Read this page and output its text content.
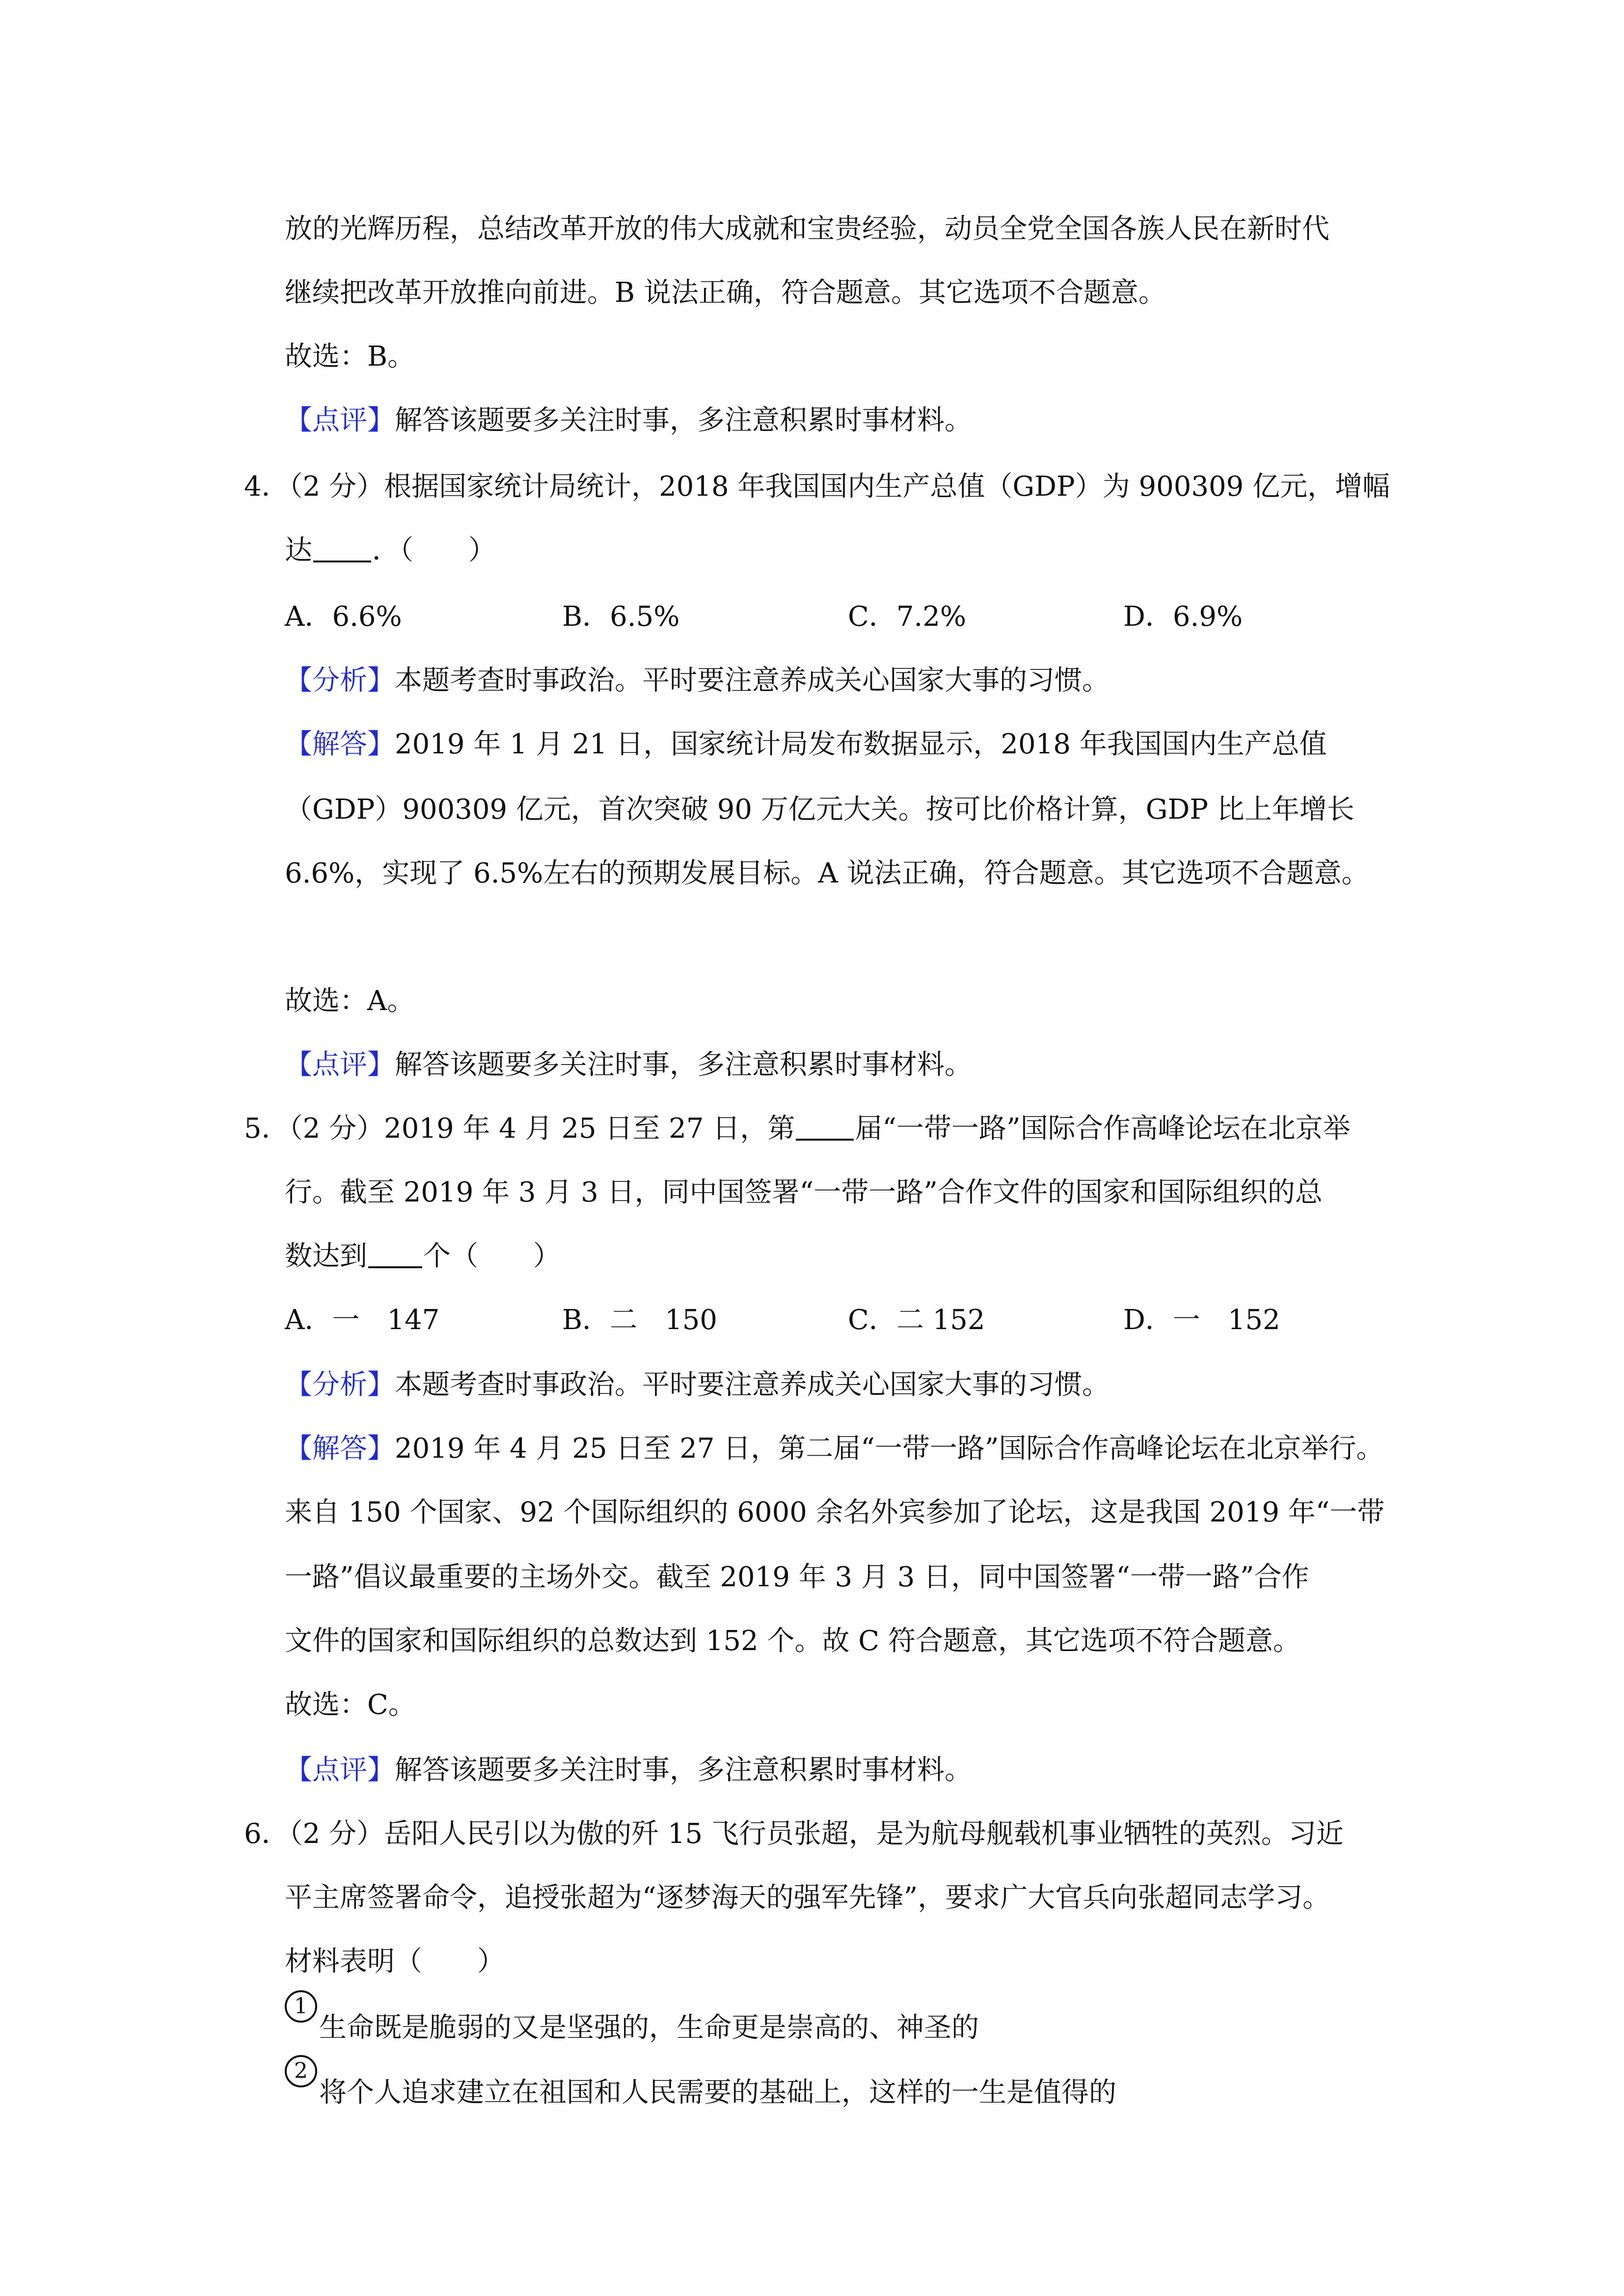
放的光辉历程，总结改革开放的伟大成就和宝贵经验，动员全党全国各族人民在新时代
继续把改革开放推向前进。B 说法正确，符合题意。其它选项不合题意。
故选：B。
【点评】解答该题要多关注时事，多注意积累时事材料。
4．（2 分）根据国家统计局统计，2018 年我国国内生产总值（GDP）为 900309 亿元，增幅
达 ．（　　）
A．6.6%	B．6.5%	C．7.2%	D．6.9%
【分析】本题考查时事政治。平时要注意养成关心国家大事的习惯。
【解答】2019 年 1 月 21 日，国家统计局发布数据显示，2018 年我国国内生产总值
（GDP）900309 亿元，首次突破 90 万亿元大关。按可比价格计算，GDP 比上年增长
6.6%，实现了 6.5%左右的预期发展目标。A 说法正确，符合题意。其它选项不合题意。
故选：A。
【点评】解答该题要多关注时事，多注意积累时事材料。
5．（2 分）2019 年 4 月 25 日至 27 日，第 届“一带一路”国际合作高峰论坛在北京举
行。截至 2019 年 3 月 3 日，同中国签署“一带一路”合作文件的国家和国际组织的总
数达到 个（　　）
A．一　147	B．二　150	C．二 152	D．一　152
【分析】本题考查时事政治。平时要注意养成关心国家大事的习惯。
【解答】2019 年 4 月 25 日至 27 日，第二届“一带一路”国际合作高峰论坛在北京举行。
来自 150 个国家、92 个国际组织的 6000 余名外宾参加了论坛，这是我国 2019 年“一带
一路”倡议最重要的主场外交。截至 2019 年 3 月 3 日，同中国签署“一带一路”合作
文件的国家和国际组织的总数达到 152 个。故 C 符合题意，其它选项不符合题意。
故选：C。
【点评】解答该题要多关注时事，多注意积累时事材料。
6．（2 分）岳阳人民引以为傲的歼 15 飞行员张超，是为航母舰载机事业牺牲的英烈。习近
平主席签署命令，追授张超为“逐梦海天的强军先锋”，要求广大官兵向张超同志学习。
材料表明（　　）
1
生命既是脆弱的又是坚强的，生命更是崇高的、神圣的
2
将个人追求建立在祖国和人民需要的基础上，这样的一生是值得的
